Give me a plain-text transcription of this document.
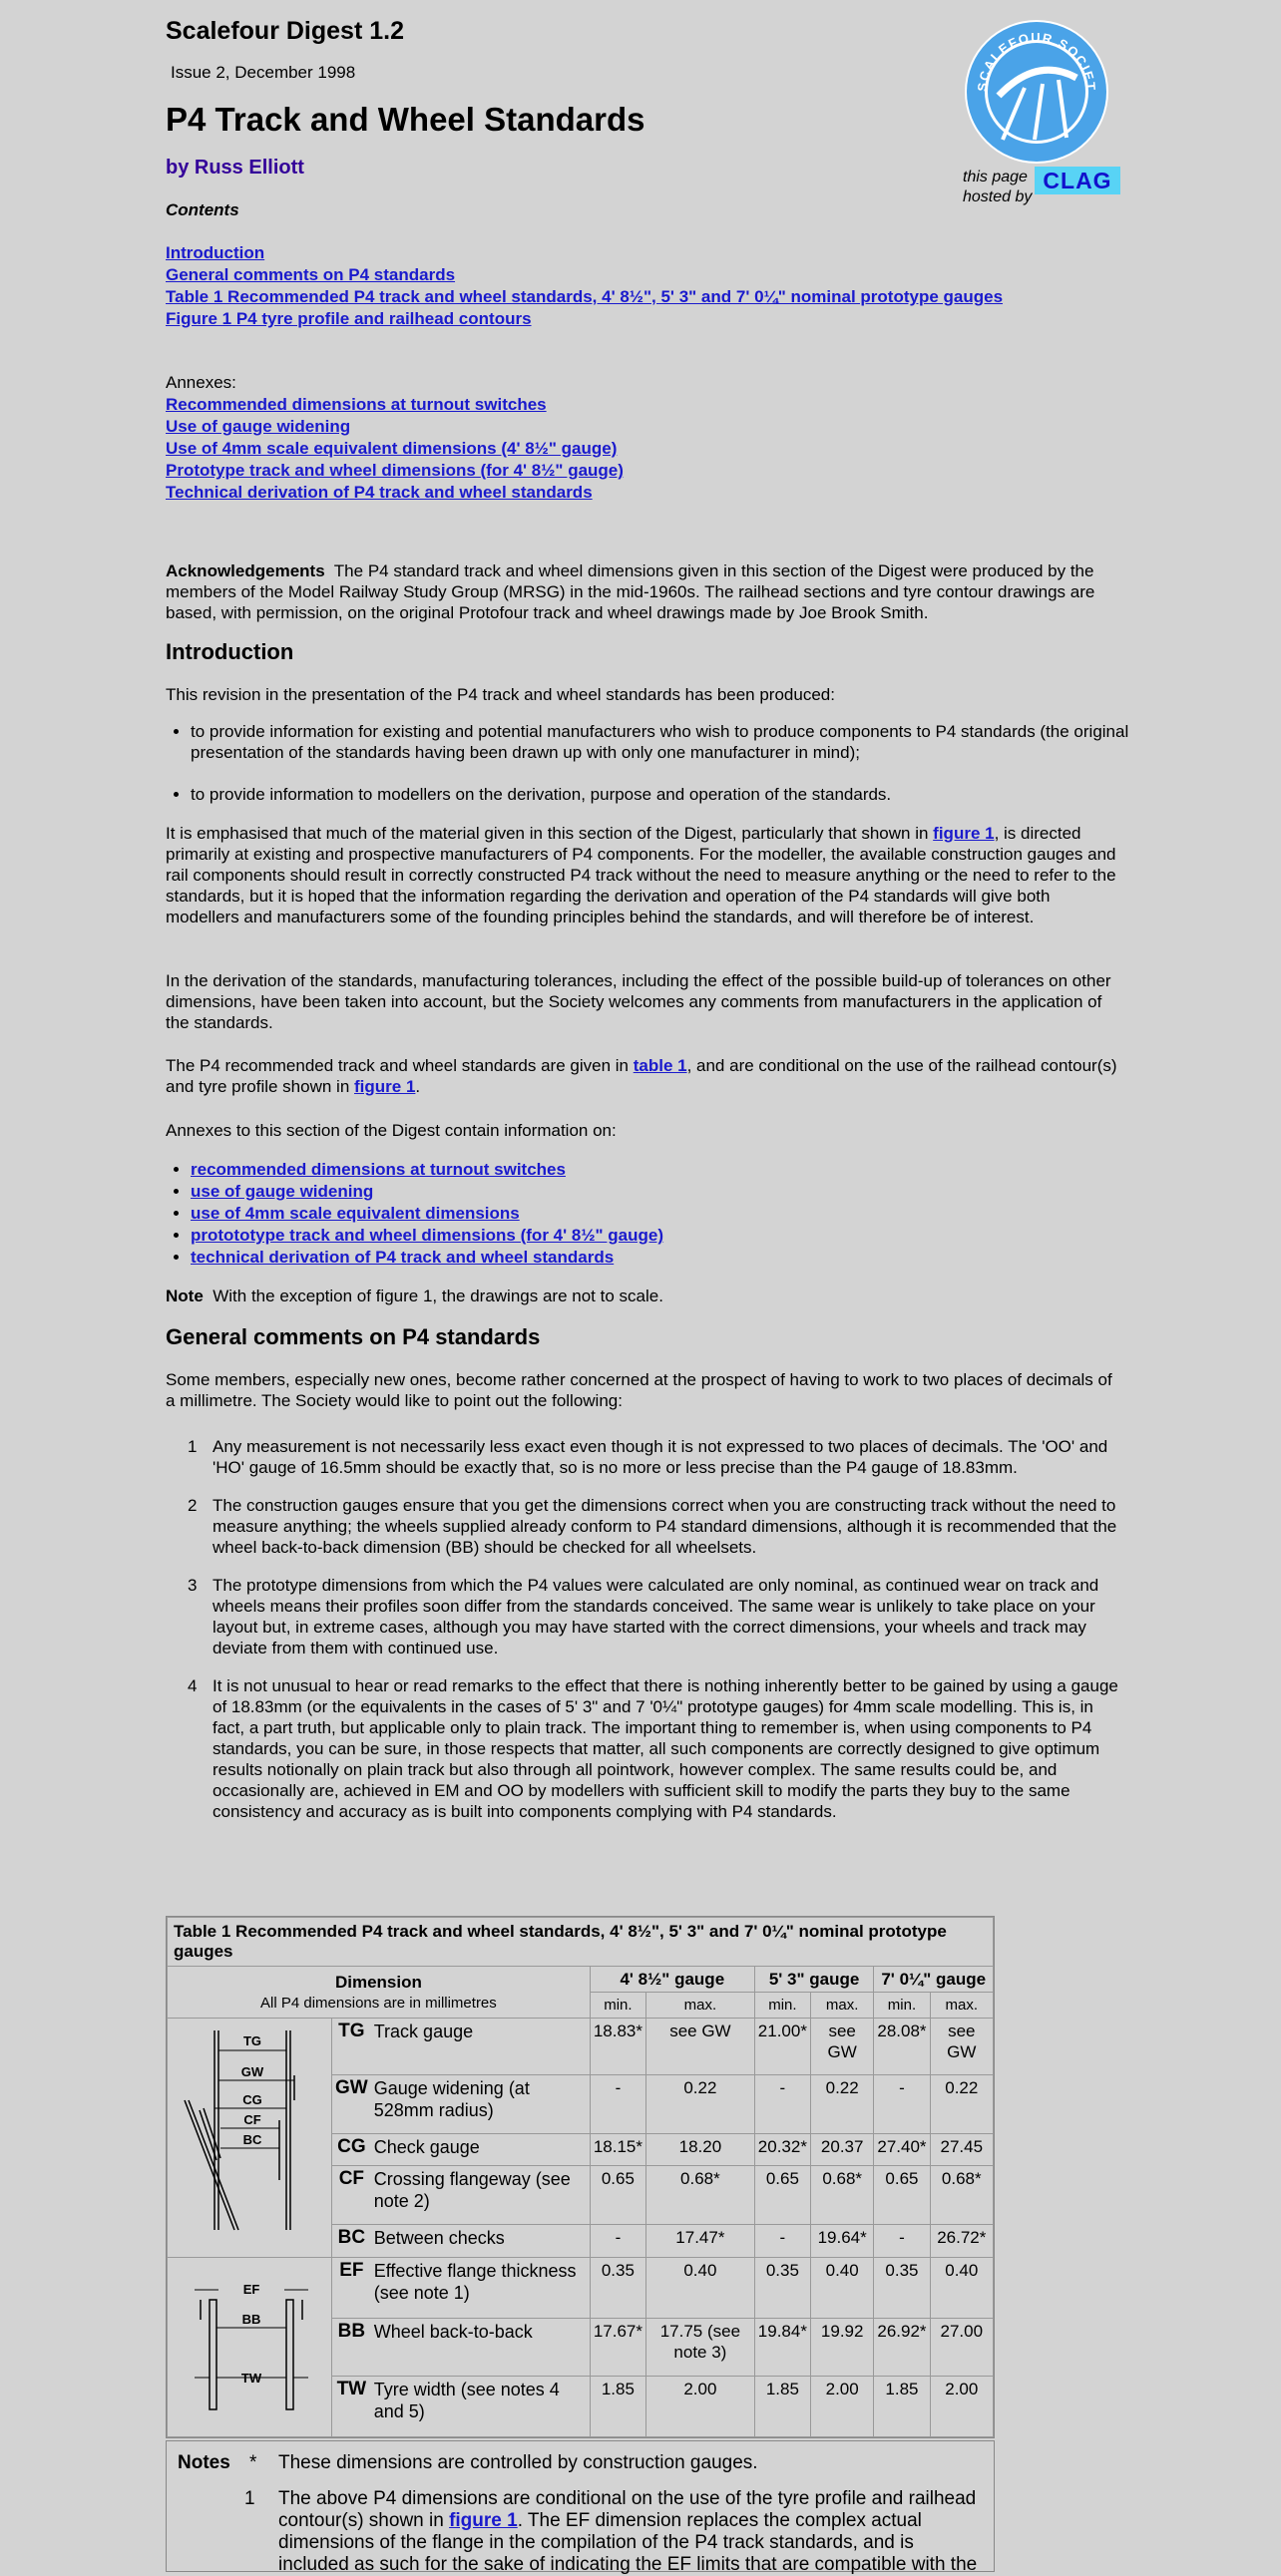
Scalefour Digest 1.2
Issue 2, December 1998
P4 Track and Wheel Standards
by Russ Elliott
Contents
SCALEFOUR SOCIET
this page
hosted by
CLAG
Introduction
General comments on P4 standards
Table 1 Recommended P4 track and wheel standards, 4' 8½", 5' 3" and 7' 0¼" nominal prototype gauges
Figure 1 P4 tyre profile and railhead contours
Annexes:
Recommended dimensions at turnout switches
Use of gauge widening
Use of 4mm scale equivalent dimensions (4' 8½" gauge)
Prototype track and wheel dimensions (for 4' 8½" gauge)
Technical derivation of P4 track and wheel standards

Acknowledgements The P4 standard track and wheel dimensions given in this section of the Digest were produced by the members of the Model Railway Study Group (MRSG) in the mid-1960s. The railhead sections and tyre contour drawings are based, with permission, on the original Protofour track and wheel drawings made by Joe Brook Smith.

Introduction

This revision in the presentation of the P4 track and wheel standards has been produced:

• to provide information for existing and potential manufacturers who wish to produce components to P4 standards (the original presentation of the standards having been drawn up with only one manufacturer in mind);
• to provide information to modellers on the derivation, purpose and operation of the standards.

It is emphasised that much of the material given in this section of the Digest, particularly that shown in figure 1, is directed primarily at existing and prospective manufacturers of P4 components. For the modeller, the available construction gauges and rail components should result in correctly constructed P4 track without the need to measure anything or the need to refer to the standards, but it is hoped that the information regarding the derivation and operation of the P4 standards will give both modellers and manufacturers some of the founding principles behind the standards, and will therefore be of interest.

In the derivation of the standards, manufacturing tolerances, including the effect of the possible build-up of tolerances on other dimensions, have been taken into account, but the Society welcomes any comments from manufacturers in the application of the standards.

The P4 recommended track and wheel standards are given in table 1, and are conditional on the use of the railhead contour(s) and tyre profile shown in figure 1.

Annexes to this section of the Digest contain information on:

• recommended dimensions at turnout switches
• use of gauge widening
• use of 4mm scale equivalent dimensions
• protototype track and wheel dimensions (for 4' 8½" gauge)
• technical derivation of P4 track and wheel standards

Note With the exception of figure 1, the drawings are not to scale.

General comments on P4 standards

Some members, especially new ones, become rather concerned at the prospect of having to work to two places of decimals of a millimetre. The Society would like to point out the following:

1 Any measurement is not necessarily less exact even though it is not expressed to two places of decimals. The 'OO' and 'HO' gauge of 16.5mm should be exactly that, so is no more or less precise than the P4 gauge of 18.83mm.
2 The construction gauges ensure that you get the dimensions correct when you are constructing track without the need to measure anything; the wheels supplied already conform to P4 standard dimensions, although it is recommended that the wheel back-to-back dimension (BB) should be checked for all wheelsets.
3 The prototype dimensions from which the P4 values were calculated are only nominal, as continued wear on track and wheels means their profiles soon differ from the standards conceived. The same wear is unlikely to take place on your layout but, in extreme cases, although you may have started with the correct dimensions, your wheels and track may deviate from them with continued use.
4 It is not unusual to hear or read remarks to the effect that there is nothing inherently better to be gained by using a gauge of 18.83mm (or the equivalents in the cases of 5' 3" and 7 '0¼" prototype gauges) for 4mm scale modelling. This is, in fact, a part truth, but applicable only to plain track. The important thing to remember is, when using components to P4 standards, you can be sure, in those respects that matter, all such components are correctly designed to give optimum results notionally on plain track but also through all pointwork, however complex. The same results could be, and occasionally are, achieved in EM and OO by modellers with sufficient skill to modify the parts they buy to the same consistency and accuracy as is built into components complying with P4 standards.
Table 1 Recommended P4 track and wheel standards, 4' 8½", 5' 3" and 7' 0¼" nominal prototype gauges								

Dimension
All P4 dimensions are in millimetres			4' 8½" gauge		5' 3" gauge		7' 0¼" gauge	
			min.	max.	min.	max.	min.	max.

TG
GW
CG
CF
BC	TG	Track gauge	18.83*	see GW	21.00*	see GW	28.08*	see GW
	GW	Gauge widening (at 528mm radius)	-	0.22	-	0.22	-	0.22
	CG	Check gauge	18.15*	18.20	20.32*	20.37	27.40*	27.45
	CF	Crossing flangeway (see note 2)	0.65	0.68*	0.65	0.68*	0.65	0.68*
	BC	Between checks	-	17.47*	-	19.64*	-	26.72*

EF
BB
TW	EF	Effective flange thickness (see note 1)	0.35	0.40	0.35	0.40	0.35	0.40
	BB	Wheel back-to-back	17.67*	17.75 (see note 3)	19.84*	19.92	26.92*	27.00
	TW	Tyre width (see notes 4 and 5)	1.85	2.00	1.85	2.00	1.85	2.00
Notes * These dimensions are controlled by construction gauges.
1 The above P4 dimensions are conditional on the use of the tyre profile and railhead contour(s) shown in figure 1. The EF dimension replaces the complex actual dimensions of the flange in the compilation of the P4 track standards, and is included as such for the sake of indicating the EF limits that are compatible with the
